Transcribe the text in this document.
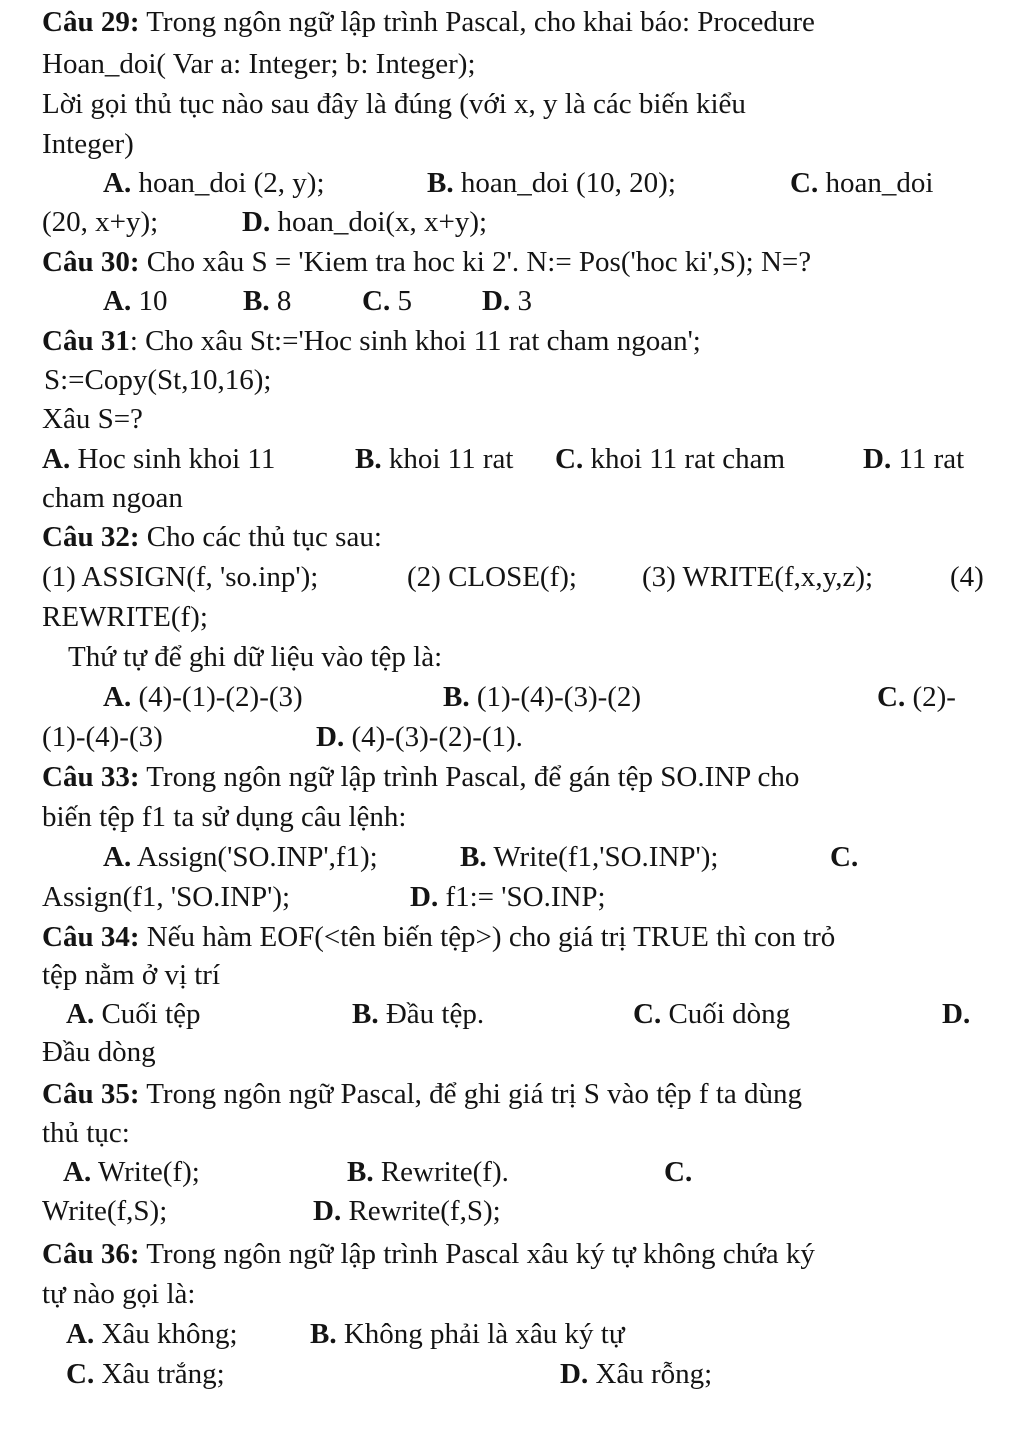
Câu 29: Trong ngôn ngữ lập trình Pascal, cho khai báo: Procedure
Hoan_doi( Var a: Integer; b: Integer);
Lời gọi thủ tục nào sau đây là đúng (với x, y là các biến kiểu
Integer)
A. hoan_doi (2, y);	B. hoan_doi (10, 20);	C. hoan_doi
(20, x+y);	D. hoan_doi(x, x+y);
Câu 30: Cho xâu S = 'Kiem tra hoc ki 2'. N:= Pos('hoc ki',S); N=?
A. 10	B. 8 C. 5 D. 3
Câu 31: Cho xâu St:='Hoc sinh khoi 11 rat cham ngoan';
S:=Copy(St,10,16);
Xâu S=?
A. Hoc sinh khoi 11	B. khoi 11 rat C. khoi 11 rat cham	D. 11 rat
cham ngoan
Câu 32: Cho các thủ tục sau:
(1) ASSIGN(f, 'so.inp');	(2) CLOSE(f); (3) WRITE(f,x,y,z);	(4)
REWRITE(f);
Thứ tự để ghi dữ liệu vào tệp là:
A. (4)-(1)-(2)-(3)	B. (1)-(4)-(3)-(2)	C. (2)-
(1)-(4)-(3)	D. (4)-(3)-(2)-(1).
Câu 33: Trong ngôn ngữ lập trình Pascal, để gán tệp SO.INP cho
biến tệp f1 ta sử dụng câu lệnh:
A. Assign('SO.INP',f1);	B. Write(f1,'SO.INP');	C.
Assign(f1, 'SO.INP');	D. f1:= 'SO.INP;
Câu 34: Nếu hàm EOF(<tên biến tệp>) cho giá trị TRUE thì con trỏ
tệp nằm ở vị trí
A. Cuối tệp	B. Đầu tệp.	C. Cuối dòng	D.
Đầu dòng
Câu 35: Trong ngôn ngữ Pascal, để ghi giá trị S vào tệp f ta dùng
thủ tục:
A. Write(f);	B. Rewrite(f).	C.
Write(f,S);	D. Rewrite(f,S);
Câu 36: Trong ngôn ngữ lập trình Pascal xâu ký tự không chứa ký
tự nào gọi là:
A. Xâu không; B. Không phải là xâu ký tự
C. Xâu trắng;	D. Xâu rỗng;
